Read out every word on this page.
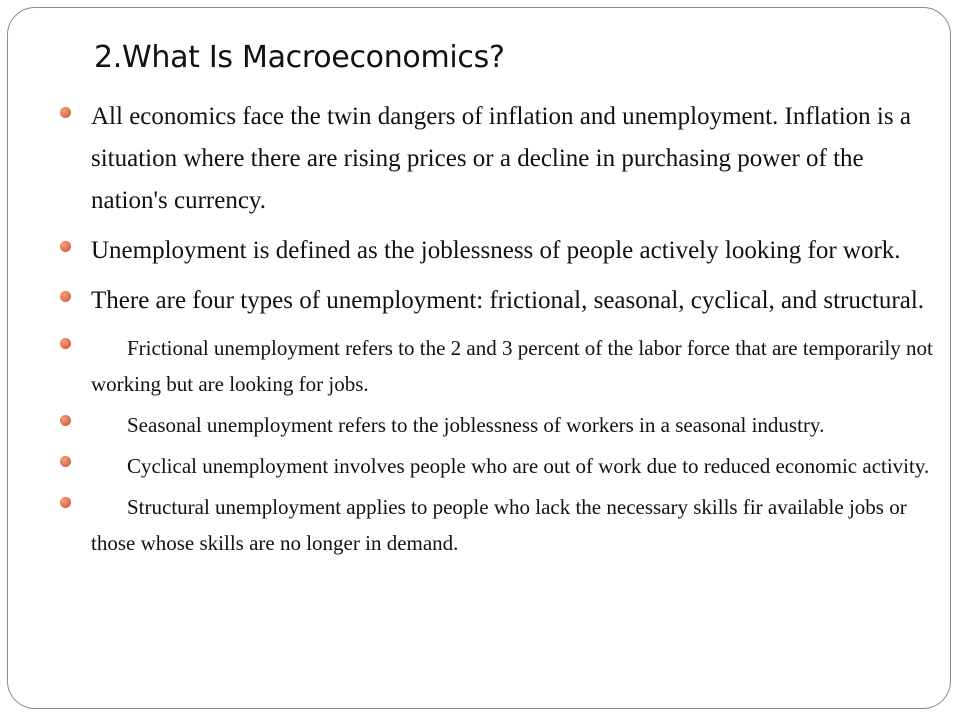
2.What Is Macroeconomics?
All economics face the twin dangers of inflation and unemployment. Inflation is a situation where there are rising prices or a decline in purchasing power of the nation's currency.
Unemployment is defined as the joblessness of people actively looking for work.
There are four types of unemployment: frictional, seasonal, cyclical, and structural.
Frictional unemployment refers to the 2 and 3 percent of the labor force that are temporarily not working but are looking for jobs.
Seasonal unemployment refers to the joblessness of workers in a seasonal industry.
Cyclical unemployment involves people who are out of work due to reduced economic activity.
Structural unemployment applies to people who lack the necessary skills fir available jobs or those whose skills are no longer in demand.
